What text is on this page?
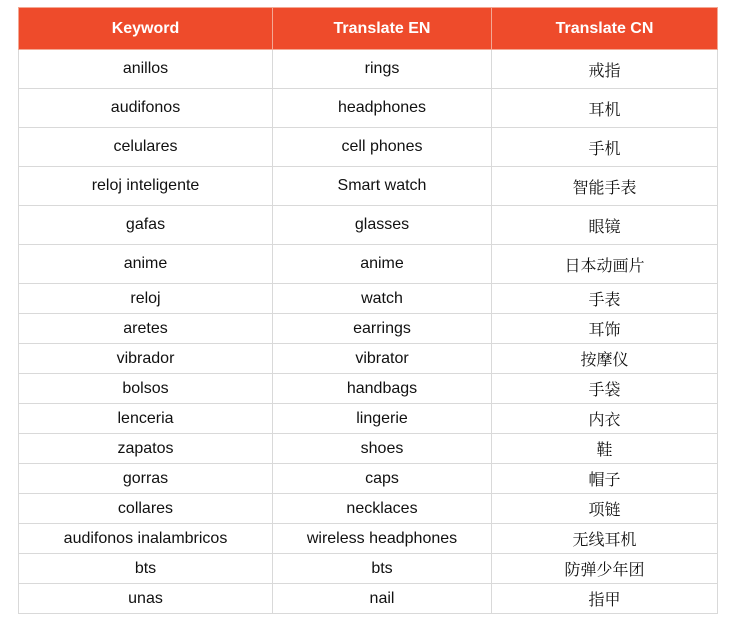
Keyword	Translate EN	Translate CN
anillos	rings	戒指
audifonos	headphones	耳机
celulares	cell phones	手机
reloj inteligente	Smart watch	智能手表
gafas	glasses	眼镜
anime	anime	日本动画片
reloj	watch	手表
aretes	earrings	耳饰
vibrador	vibrator	按摩仪
bolsos	handbags	手袋
lenceria	lingerie	内衣
zapatos	shoes	鞋
gorras	caps	帽子
collares	necklaces	项链
audifonos inalambricos	wireless headphones	无线耳机
bts	bts	防弹少年团
unas	nail	指甲
